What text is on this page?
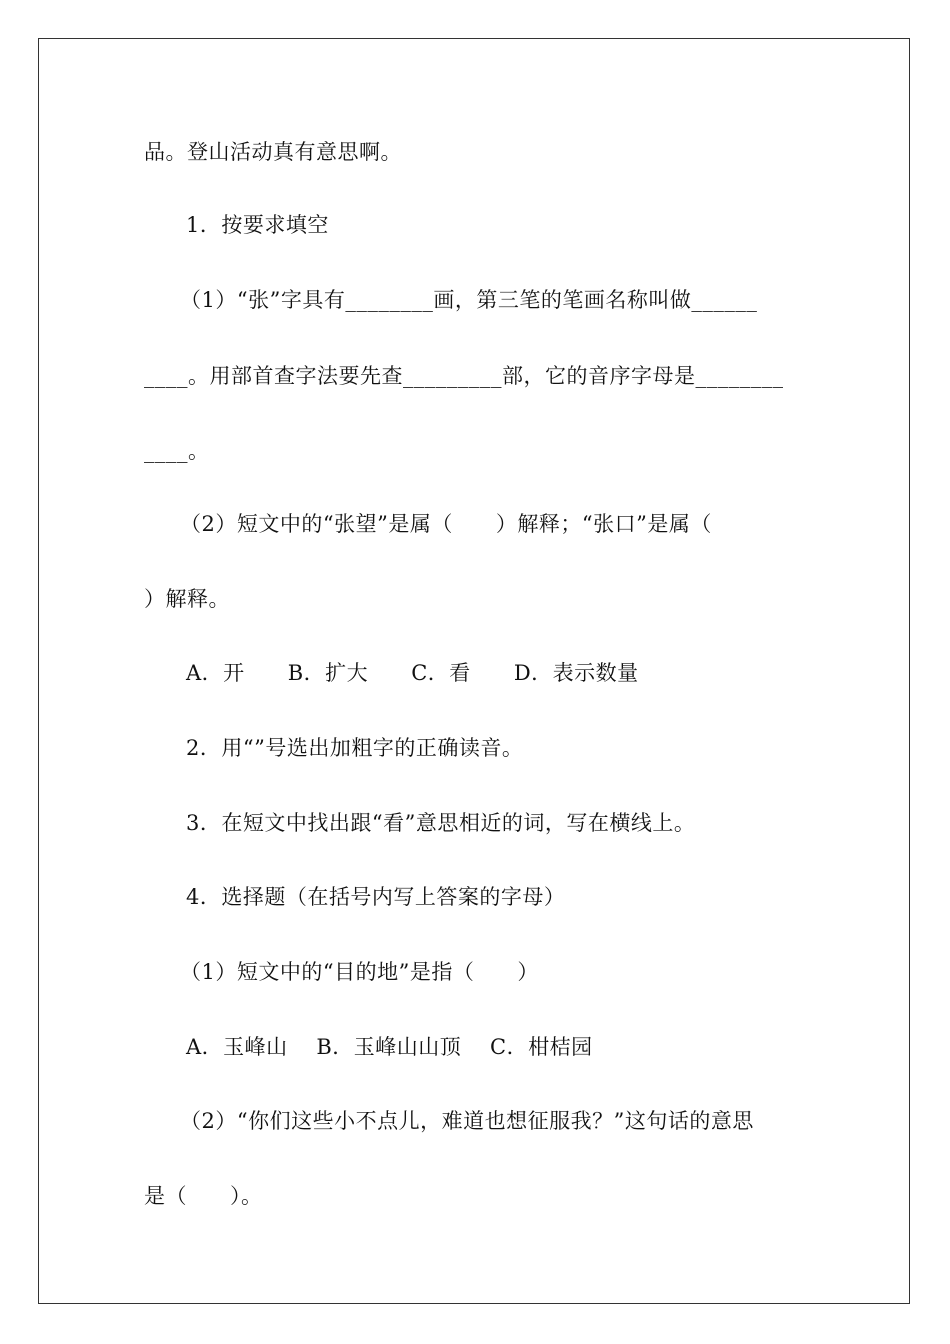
品。登山活动真有意思啊。
1．按要求填空
（1）“张”字具有________画，第三笔的笔画名称叫做______
____。用部首查字法要先查_________部，它的音序字母是________
____。
（2）短文中的“张望”是属（      ）解释；“张口”是属（
）解释。
A．开      B．扩大      C．看      D．表示数量
2．用“”号选出加粗字的正确读音。
3．在短文中找出跟“看”意思相近的词，写在横线上。
4．选择题（在括号内写上答案的字母）
（1）短文中的“目的地”是指（      ）
A．玉峰山    B．玉峰山山顶    C．柑桔园
（2）“你们这些小不点儿，难道也想征服我？”这句话的意思
是（      ）。
